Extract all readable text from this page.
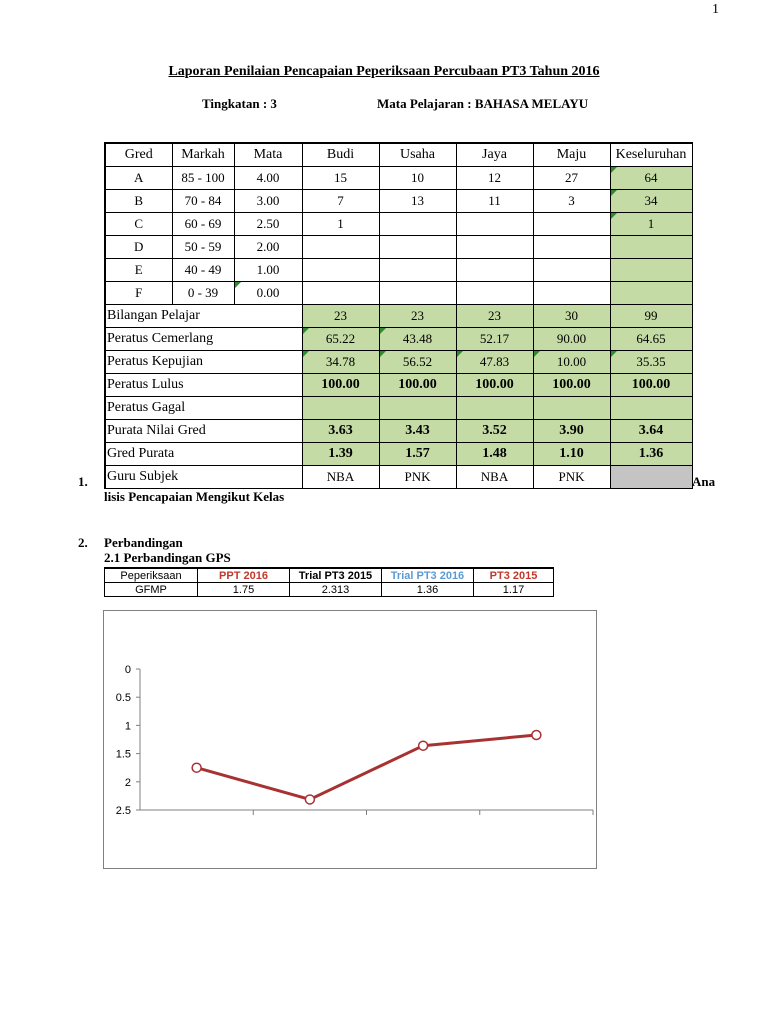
1
Laporan Penilaian Pencapaian Peperiksaan Percubaan PT3 Tahun 2016
Tingkatan : 3	Mata Pelajaran : BAHASA MELAYU
Gred	Markah	Mata	Budi	Usaha	Jaya	Maju	Keseluruhan
A	85 - 100	4.00	15	10	12	27	64
B	70 - 84	3.00	7	13	11	3	34
C	60 - 69	2.50	1				1
D	50 - 59	2.00					
E	40 - 49	1.00					
F	0 - 39	0.00					
Bilangan Pelajar			23	23	23	30	99
Peratus Cemerlang			65.22	43.48	52.17	90.00	64.65
Peratus Kepujian			34.78	56.52	47.83	10.00	35.35
Peratus Lulus			100.00	100.00	100.00	100.00	100.00
Peratus Gagal							
Purata Nilai Gred			3.63	3.43	3.52	3.90	3.64
Gred Purata			1.39	1.57	1.48	1.10	1.36
Guru Subjek			NBA	PNK	NBA	PNK	
1.	Ana
lisis Pencapaian Mengikut Kelas
2. Perbandingan
2.1 Perbandingan GPS
Peperiksaan	PPT 2016	Trial PT3 2015	Trial PT3 2016	PT3 2015
GFMP	1.75	2.313	1.36	1.17
0
0.5
1
1.5
2
2.5
